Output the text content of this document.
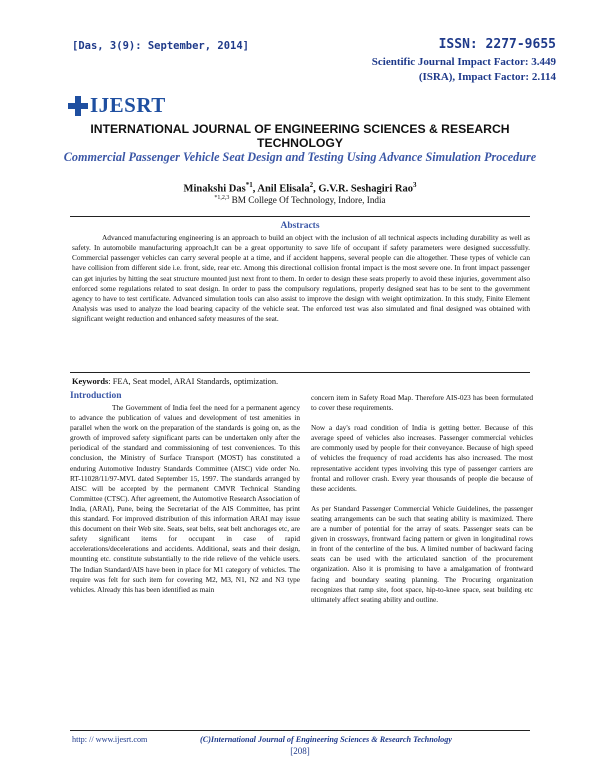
[Das, 3(9): September, 2014]	ISSN: 2277-9655
Scientific Journal Impact Factor: 3.449
(ISRA), Impact Factor: 2.114
IJESRT
INTERNATIONAL JOURNAL OF ENGINEERING SCIENCES & RESEARCH TECHNOLOGY
Commercial Passenger Vehicle Seat Design and Testing Using Advance Simulation Procedure
Minakshi Das$^{*1}$, Anil Elisala$^2$, G.V.R. Seshagiri Rao$^3$
$^{*1,2,3}$ BM College Of Technology, Indore, India
Abstracts
Advanced manufacturing engineering is an approach to build an object with the inclusion of all technical aspects including durability as well as safety. In automobile manufacturing approach,It can be a great opportunity to save life of occupant if safety parameters were designed successfully. Commercial passenger vehicles can carry several people at a time, and if accident happens, several people can die altogether. These types of vehicle can have collision from different side i.e. front, side, rear etc. Among this directional collision frontal impact is the most severe one. In front impact passenger can get injuries by hitting the seat structure mounted just next front to them. In order to design these seats properly to avoid these injuries, government also enforced some regulations related to seat design. In order to pass the compulsory regulations, properly designed seat has to be sent to the government agency to have to test certificate. Advanced simulation tools can also assist to improve the design with weight optimization. In this study, Finite Element Analysis was used to analyze the load bearing capacity of the vehicle seat. The enforced test was also simulated and final designed was obtained with significant weight reduction and enhanced safety measures of the seat.
Keywords: FEA, Seat model, ARAI Standards, optimization.
Introduction

The Government of India feel the need for a permanent agency to advance the publication of values and development of test amenities in parallel when the work on the preparation of the standards is going on, as the growth of improved safety significant parts can be undertaken only after the periodical of the standard and commissioning of test conveniences. To this conclusion, the Ministry of Surface Transport (MOST) has constituted a enduring Automotive Industry Standards Committee (AISC) vide order No. RT-11028/11/97-MVL dated September 15, 1997. The standards arranged by AISC will be accepted by the permanent CMVR Technical Standing Committee (CTSC). After agreement, the Automotive Research Association of India, (ARAI), Pune, being the Secretariat of the AIS Committee, has print this standard. For improved distribution of this information ARAI may issue this document on their Web site. Seats, seat belts, seat belt anchorages etc, are safety significant items for occupant in case of rapid accelerations/decelerations and accidents. Additional, seats and their design, mounting etc. constitute substantially to the ride relieve of the vehicle users. The Indian Standard/AIS have been in place for M1 category of vehicles. The require was felt for such item for covering M2, M3, N1, N2 and N3 type vehicles. Already this has been identified as main

concern item in Safety Road Map. Therefore AIS-023 has been formulated to cover these requirements.

Now a day's road condition of India is getting better. Because of this average speed of vehicles also increases. Passenger commercial vehicles are commonly used by people for their conveyance. Because of high speed of vehicles the frequency of road accidents has also increased. The most representative accident types involving this type of passenger carriers are frontal and rollover crash. Every year thousands of people die because of these accidents.

As per Standard Passenger Commercial Vehicle Guidelines, the passenger seating arrangements can be such that seating ability is maximized. There are a number of potential for the array of seats. Passenger seats can be given in crossways, frontward facing pattern or given in longitudinal rows in front of the centerline of the bus. A limited number of backward facing seats can be used with the articulated sanction of the procurement organization. Also it is promising to have a amalgamation of frontward facing and boundary seating planning. The Procuring organization recognizes that ramp site, foot space, hip-to-knee space, seat building etc ultimately affect seating ability and outline.

http: // www.ijesrt.com	(C)International Journal of Engineering Sciences & Research Technology
[208]
